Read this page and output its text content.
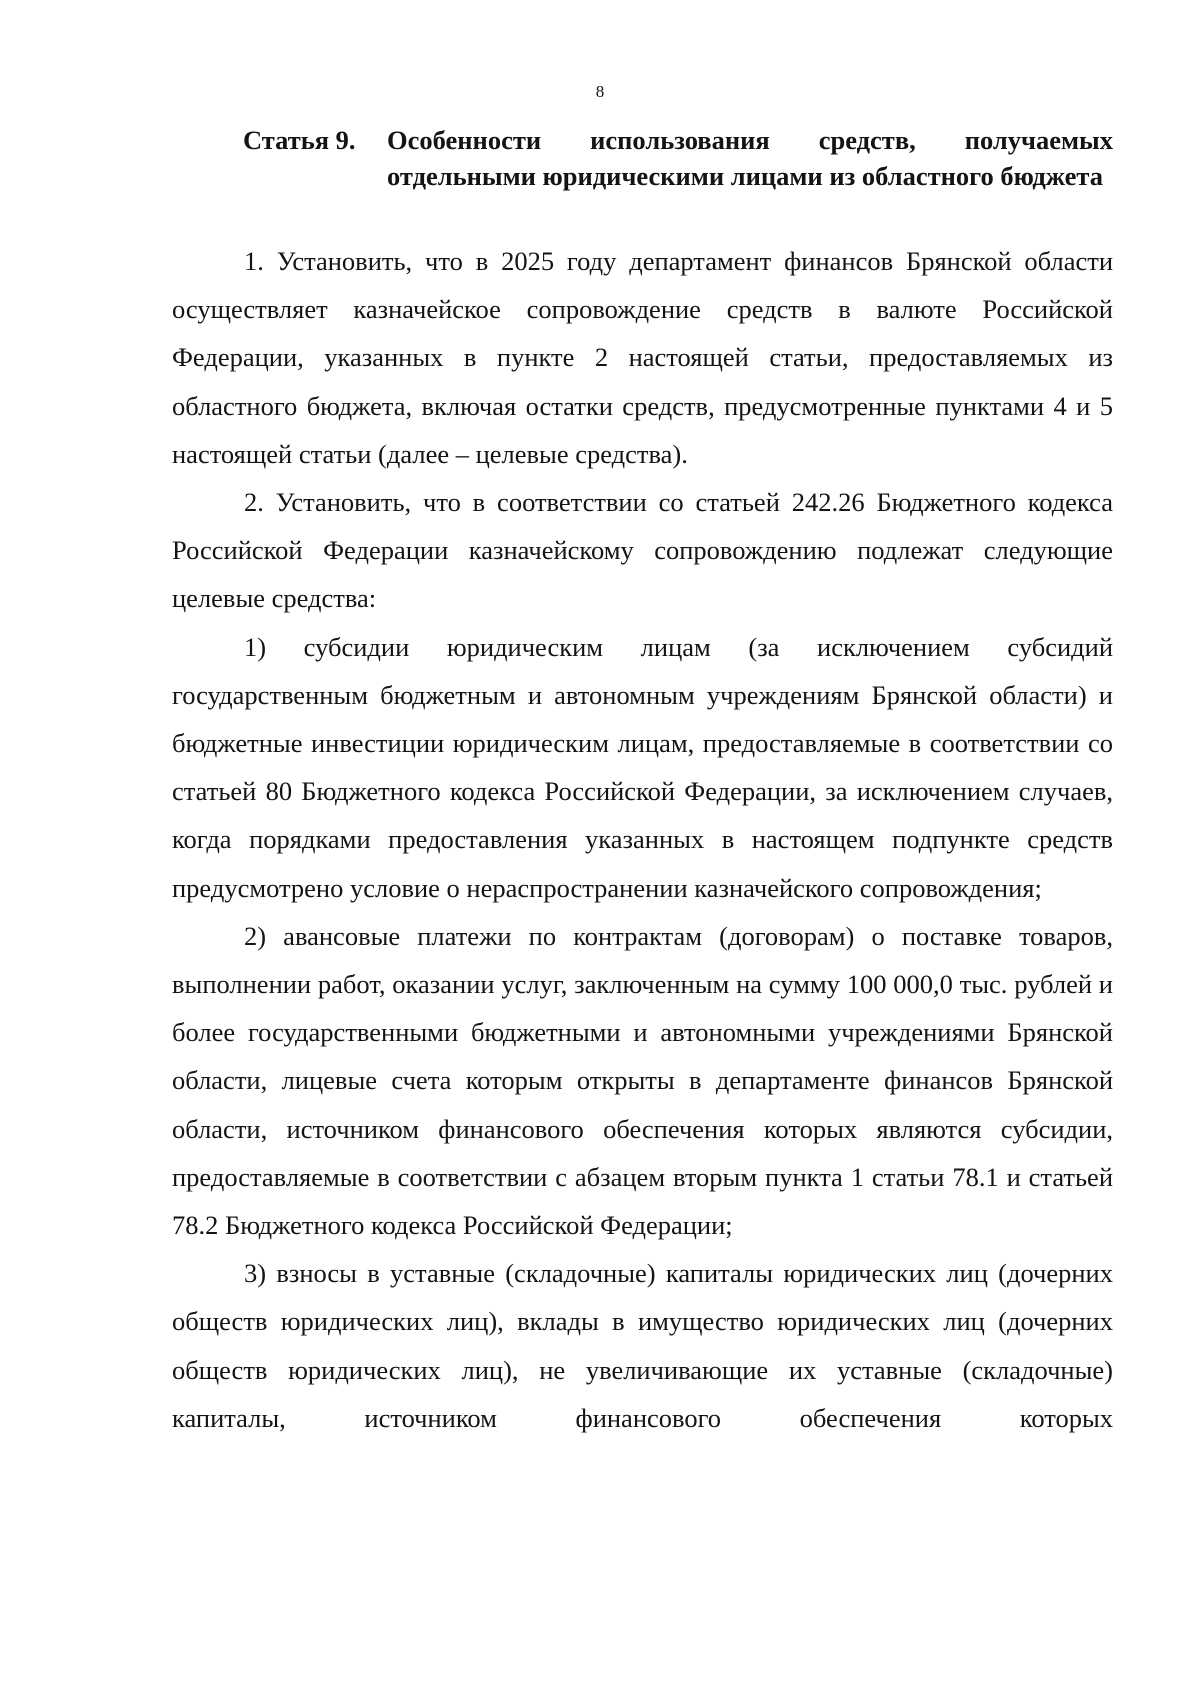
8
Статья 9.	Особенности использования средств, получаемых отдельными юридическими лицами из областного бюджета

1. Установить, что в 2025 году департамент финансов Брянской области осуществляет казначейское сопровождение средств в валюте Российской Федерации, указанных в пункте 2 настоящей статьи, предоставляемых из областного бюджета, включая остатки средств, предусмотренные пунктами 4 и 5 настоящей статьи (далее – целевые средства).

2. Установить, что в соответствии со статьей 242.26 Бюджетного кодекса Российской Федерации казначейскому сопровождению подлежат следующие целевые средства:

1) субсидии юридическим лицам (за исключением субсидий государственным бюджетным и автономным учреждениям Брянской области) и бюджетные инвестиции юридическим лицам, предоставляемые в соответствии со статьей 80 Бюджетного кодекса Российской Федерации, за исключением случаев, когда порядками предоставления указанных в настоящем подпункте средств предусмотрено условие о нераспространении казначейского сопровождения;

2) авансовые платежи по контрактам (договорам) о поставке товаров, выполнении работ, оказании услуг, заключенным на сумму 100 000,0 тыс. рублей и более государственными бюджетными и автономными учреждениями Брянской области, лицевые счета которым открыты в департаменте финансов Брянской области, источником финансового обеспечения которых являются субсидии, предоставляемые в соответствии с абзацем вторым пункта 1 статьи 78.1 и статьей 78.2 Бюджетного кодекса Российской Федерации;

3) взносы в уставные (складочные) капиталы юридических лиц (дочерних обществ юридических лиц), вклады в имущество юридических лиц (дочерних обществ юридических лиц), не увеличивающие их уставные (складочные) капиталы, источником финансового обеспечения которых
